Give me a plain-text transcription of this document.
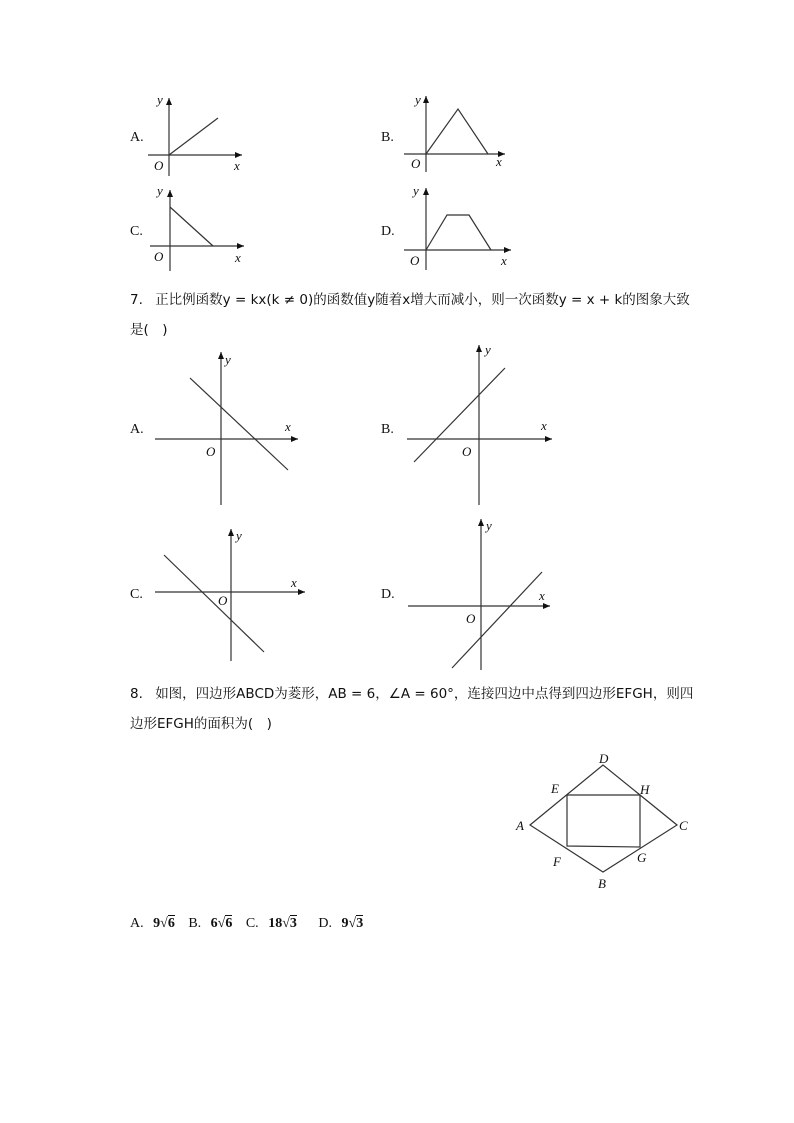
A.	B.
C.	D.
y
x
O
y
x
O
y
x
O
y
x
O
y
x
O
y
x
O
y
x
O
y
x
O
A
B
C
D
E
F	G
H
7. 正比例函数y = kx(k ≠ 0)的函数值y随着x增大而减小，则一次函数y = x + k的图象大致
是(　)
A.	B.
C.	D.
8. 如图，四边形ABCD为菱形，AB = 6，∠A = 60°，连接四边中点得到四边形EFGH，则四
边形EFGH的面积为(　)
A. 9√6 B. 6√6 C. 18√3 D. 9√3
